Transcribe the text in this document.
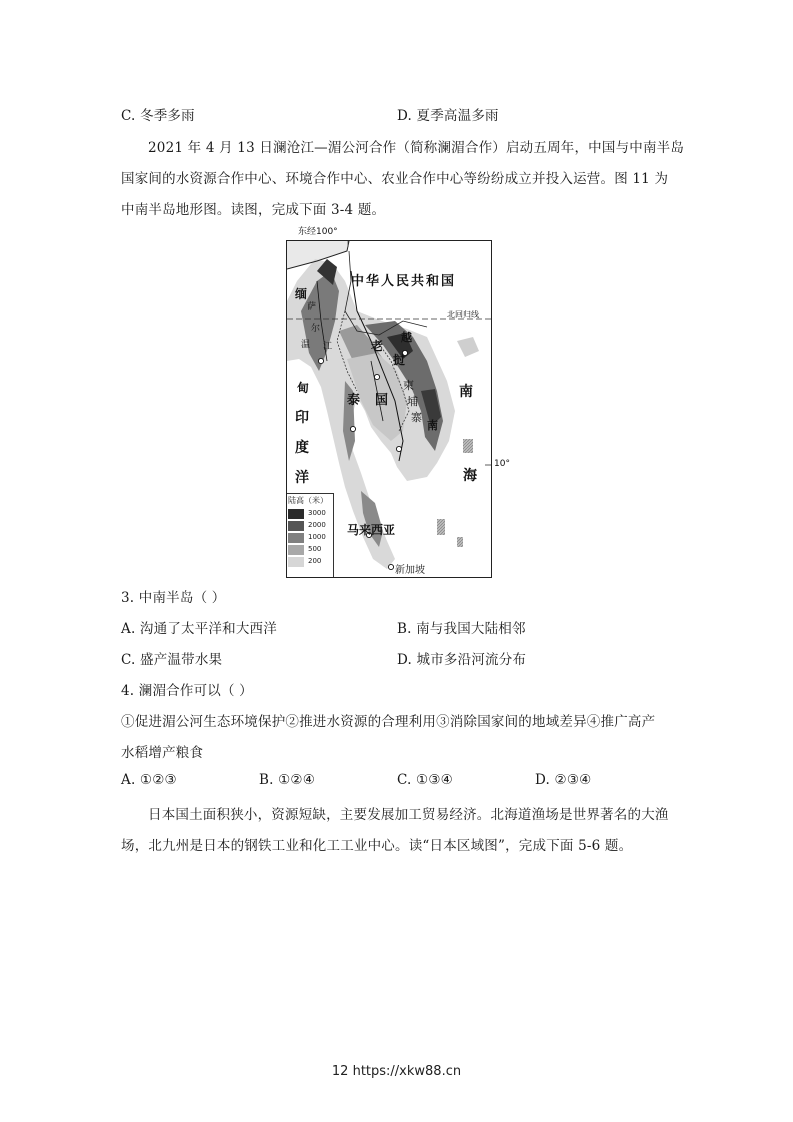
C. 冬季多雨	D. 夏季高温多雨
2021 年 4 月 13 日澜沧江—湄公河合作（简称澜湄合作）启动五周年，中国与中南半岛
国家间的水资源合作中心、环境合作中心、农业合作中心等纷纷成立并投入运营。图 11 为
中南半岛地形图。读图，完成下面 3-4 题。
中华人民共和国
北回归线
缅
甸
萨
尔
温 江	老
挝
泰 国
越
南
柬
埔
寨
南
海
印
度
洋
马来西亚
新加坡
陆高（米）
3000
2000
1000
500
200
东经100°
10°
3. 中南半岛（ ）
A. 沟通了太平洋和大西洋	B. 南与我国大陆相邻
C. 盛产温带水果	D. 城市多沿河流分布
4. 澜湄合作可以（ ）
①促进湄公河生态环境保护②推进水资源的合理利用③消除国家间的地域差异④推广高产
水稻增产粮食
A. ①②③	B. ①②④	C. ①③④	D. ②③④
日本国土面积狭小，资源短缺，主要发展加工贸易经济。北海道渔场是世界著名的大渔
场，北九州是日本的钢铁工业和化工工业中心。读“日本区域图”，完成下面 5-6 题。
12 https://xkw88.cn
